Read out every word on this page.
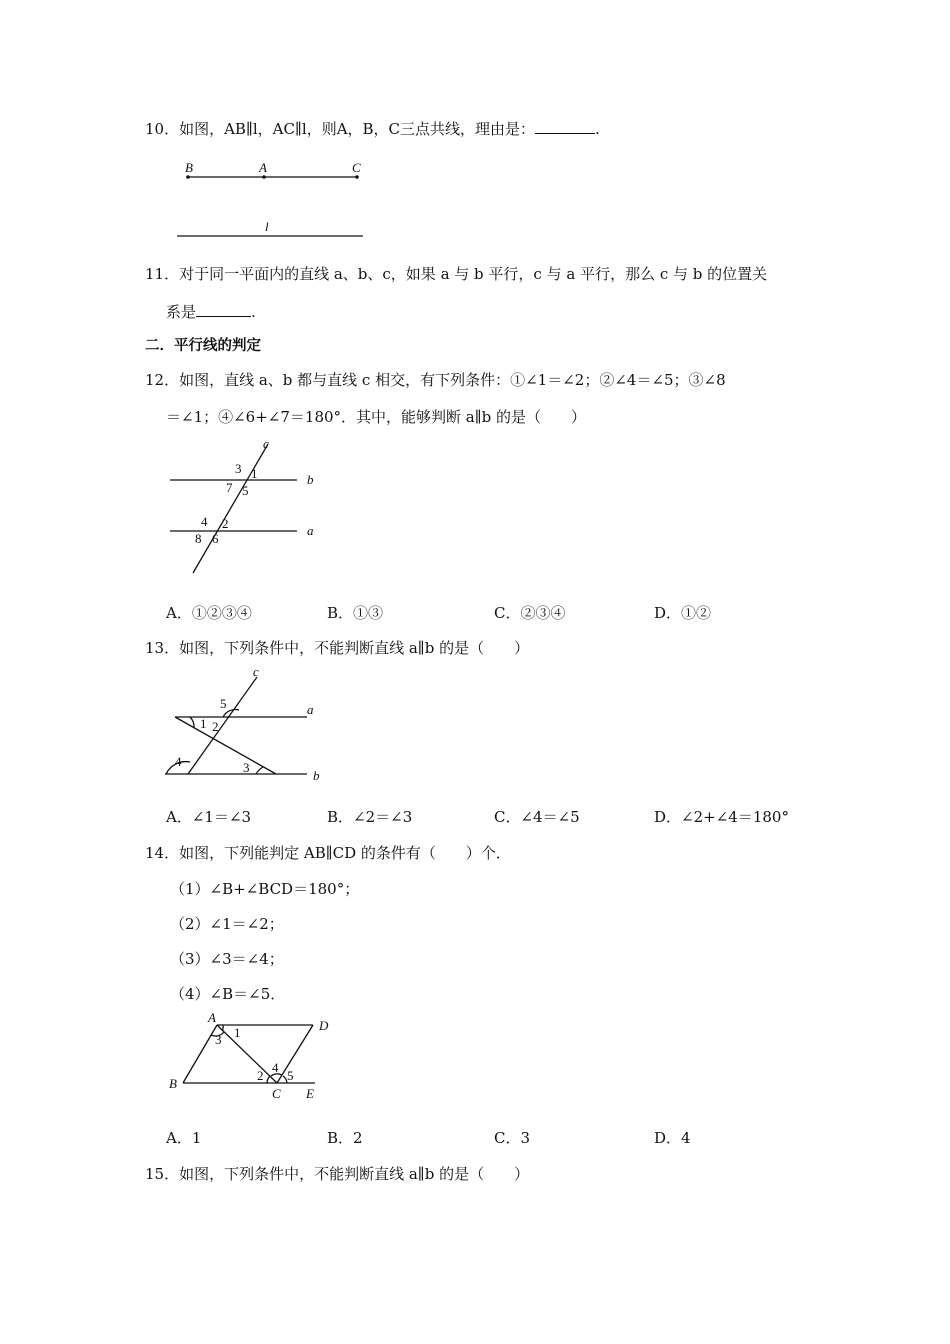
10．如图，AB∥l，AC∥l，则A，B，C三点共线，理由是：	.
B	A	C
l
11．对于同一平面内的直线 a、b、c，如果 a 与 b 平行，c 与 a 平行，那么 c 与 b 的位置关
系是	.
二．平行线的判定
12．如图，直线 a、b 都与直线 c 相交，有下列条件：①∠1＝∠2；②∠4＝∠5；③∠8
＝∠1；④∠6+∠7＝180°．其中，能够判断 a∥b 的是（　　）
c
b
a
3 1
7 5
4 2
8 6
A．①②③④	B．①③	C．②③④	D．①②
13．如图，下列条件中，不能判断直线 a∥b 的是（　　）
c
a
b
5
1 2
4	3
A．∠1＝∠3	B．∠2＝∠3	C．∠4＝∠5	D．∠2+∠4＝180°
14．如图，下列能判定 AB∥CD 的条件有（　　）个．
（1）∠B+∠BCD＝180°；
（2）∠1＝∠2；
（3）∠3＝∠4；
（4）∠B＝∠5．
A
D
B
C E
1
3
2
4
5
A．1	B．2	C．3	D．4
15．如图，下列条件中，不能判断直线 a∥b 的是（　　）
